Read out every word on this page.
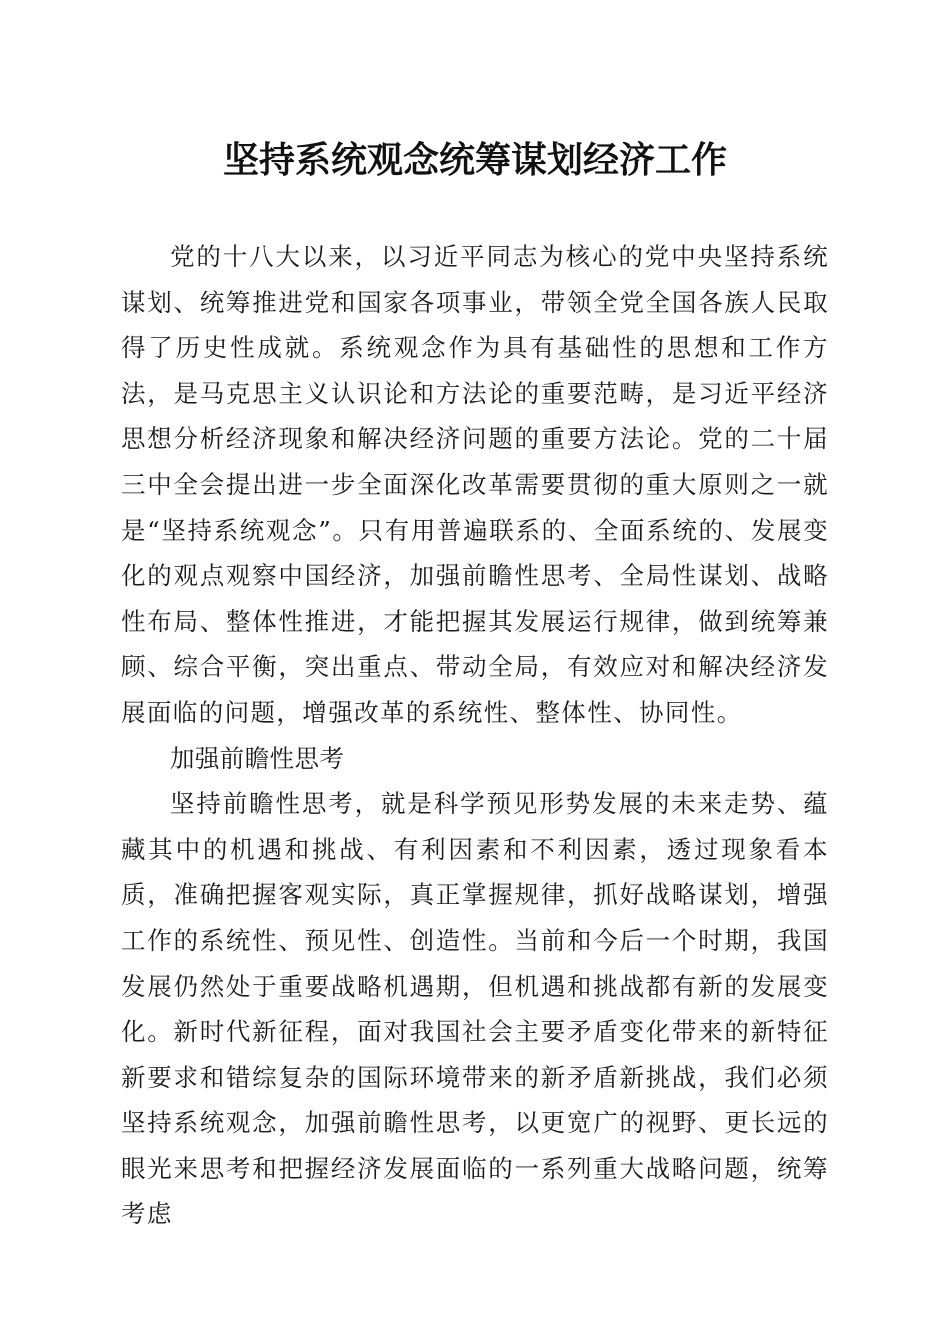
坚持系统观念统筹谋划经济工作

党的十八大以来，以习近平同志为核心的党中央坚持系统谋划、统筹推进党和国家各项事业，带领全党全国各族人民取得了历史性成就。系统观念作为具有基础性的思想和工作方法，是马克思主义认识论和方法论的重要范畴，是习近平经济思想分析经济现象和解决经济问题的重要方法论。党的二十届三中全会提出进一步全面深化改革需要贯彻的重大原则之一就是“坚持系统观念”。只有用普遍联系的、全面系统的、发展变化的观点观察中国经济，加强前瞻性思考、全局性谋划、战略性布局、整体性推进，才能把握其发展运行规律，做到统筹兼顾、综合平衡，突出重点、带动全局，有效应对和解决经济发展面临的问题，增强改革的系统性、整体性、协同性。

加强前瞻性思考

坚持前瞻性思考，就是科学预见形势发展的未来走势、蕴藏其中的机遇和挑战、有利因素和不利因素，透过现象看本质，准确把握客观实际，真正掌握规律，抓好战略谋划，增强工作的系统性、预见性、创造性。当前和今后一个时期，我国发展仍然处于重要战略机遇期，但机遇和挑战都有新的发展变化。新时代新征程，面对我国社会主要矛盾变化带来的新特征新要求和错综复杂的国际环境带来的新矛盾新挑战，我们必须坚持系统观念，加强前瞻性思考，以更宽广的视野、更长远的眼光来思考和把握经济发展面临的一系列重大战略问题，统筹考虑
